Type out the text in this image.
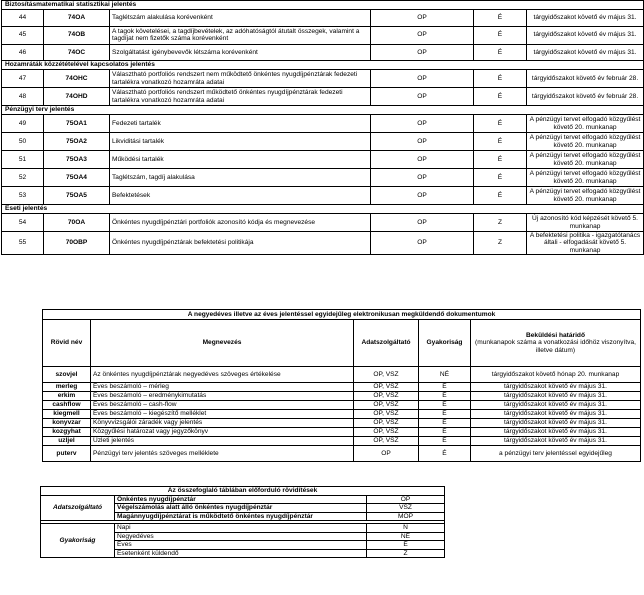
Biztosításmatematikai statisztikai jelentés					
44	74OA	Taglétszám alakulása korévenként	OP	É	tárgyidőszakot követő év május 31.
45	74OB	A tagok követelései, a tagdíjbevételek, az adóhatóságtól átutalt összegek, valamint a tagdíjat nem fizetők száma korévenként	OP	É	tárgyidőszakot követő év május 31.
46	74OC	Szolgáltatást igénybevevők létszáma korévenként	OP	É	tárgyidőszakot követő év május 31.
Hozamráták közzétételével kapcsolatos jelentés					
47	74OHC	Választható portfoliós rendszert nem működtető önkéntes nyugdíjpénztárak fedezeti tartalékra vonatkozó hozamráta adatai	OP	É	tárgyidőszakot követő év február 28.
48	74OHD	Választható portfoliós rendszert működtető önkéntes nyugdíjpénztárak fedezeti tartalékra vonatkozó hozamráta adatai	OP	É	tárgyidőszakot követő év február 28.
Pénzügyi terv jelentés					
49	75OA1	Fedezeti tartalék	OP	É	A pénzügyi tervet elfogadó közgyűlést követő 20. munkanap
50	75OA2	Likviditási tartalék	OP	É	A pénzügyi tervet elfogadó közgyűlést követő 20. munkanap
51	75OA3	Működési tartalék	OP	É	A pénzügyi tervet elfogadó közgyűlést követő 20. munkanap
52	75OA4	Taglétszám, tagdíj alakulása	OP	É	A pénzügyi tervet elfogadó közgyűlést követő 20. munkanap
53	75OA5	Befektetések	OP	É	A pénzügyi tervet elfogadó közgyűlést követő 20. munkanap
Eseti jelentés					
54	70OA	Önkéntes nyugdíjpénztári portfoliók azonosító kódja és megnevezése	OP	Z	Új azonosító kód képzését követő 5. munkanap
55	70OBP	Önkéntes nyugdíjpénztárak befektetési politikája	OP	Z	A befektetési politika - igazgatótanács általi - elfogadását követő 5. munkanap
A negyedéves illetve az éves jelentéssel egyidejűleg elektronikusan megküldendő dokumentumok				
Rövid név	Megnevezés	Adatszolgáltató	Gyakoriság	Beküldési határidő
(munkanapok száma a vonatkozási időhöz viszonyítva, illetve dátum)

szovjel	Az önkéntes nyugdíjpénztárak negyedéves szöveges értékelése	OP, VSZ	NÉ	tárgyidőszakot követő hónap 20. munkanap
merleg	Éves beszámoló – mérleg	OP, VSZ	É	tárgyidőszakot követő év május 31.
erkim	Éves beszámoló – eredménykimutatás	OP, VSZ	É	tárgyidőszakot követő év május 31.
cashflow	Éves beszámoló – cash-flow	OP, VSZ	É	tárgyidőszakot követő év május 31.
kiegmell	Éves beszámoló – kiegészítő melléklet	OP, VSZ	É	tárgyidőszakot követő év május 31.
konyvzar	Könyvvizsgálói záradék vagy jelentés	OP, VSZ	É	tárgyidőszakot követő év május 31.
kozgyhat	Közgyűlési határozat vagy jegyzőkönyv	OP, VSZ	É	tárgyidőszakot követő év május 31.
uzljel	Üzleti jelentés	OP, VSZ	É	tárgyidőszakot követő év május 31.
puterv	Pénzügyi terv jelentés szöveges melléklete	OP	É	a pénzügyi terv jelentéssel egyidejűleg
Az összefoglaló táblában előforduló rövidítések		
Adatszolgáltató	Önkéntes nyugdíjpénztár	OP
	Végelszámolás alatt álló önkéntes nyugdíjpénztár	VSZ
	Magánnyugdíjpénztárat is működtető önkéntes nyugdíjpénztár	MOP

Gyakoriság	Napi	N
	Negyedéves	NÉ
	Éves	É
	Esetenként küldendő	Z
